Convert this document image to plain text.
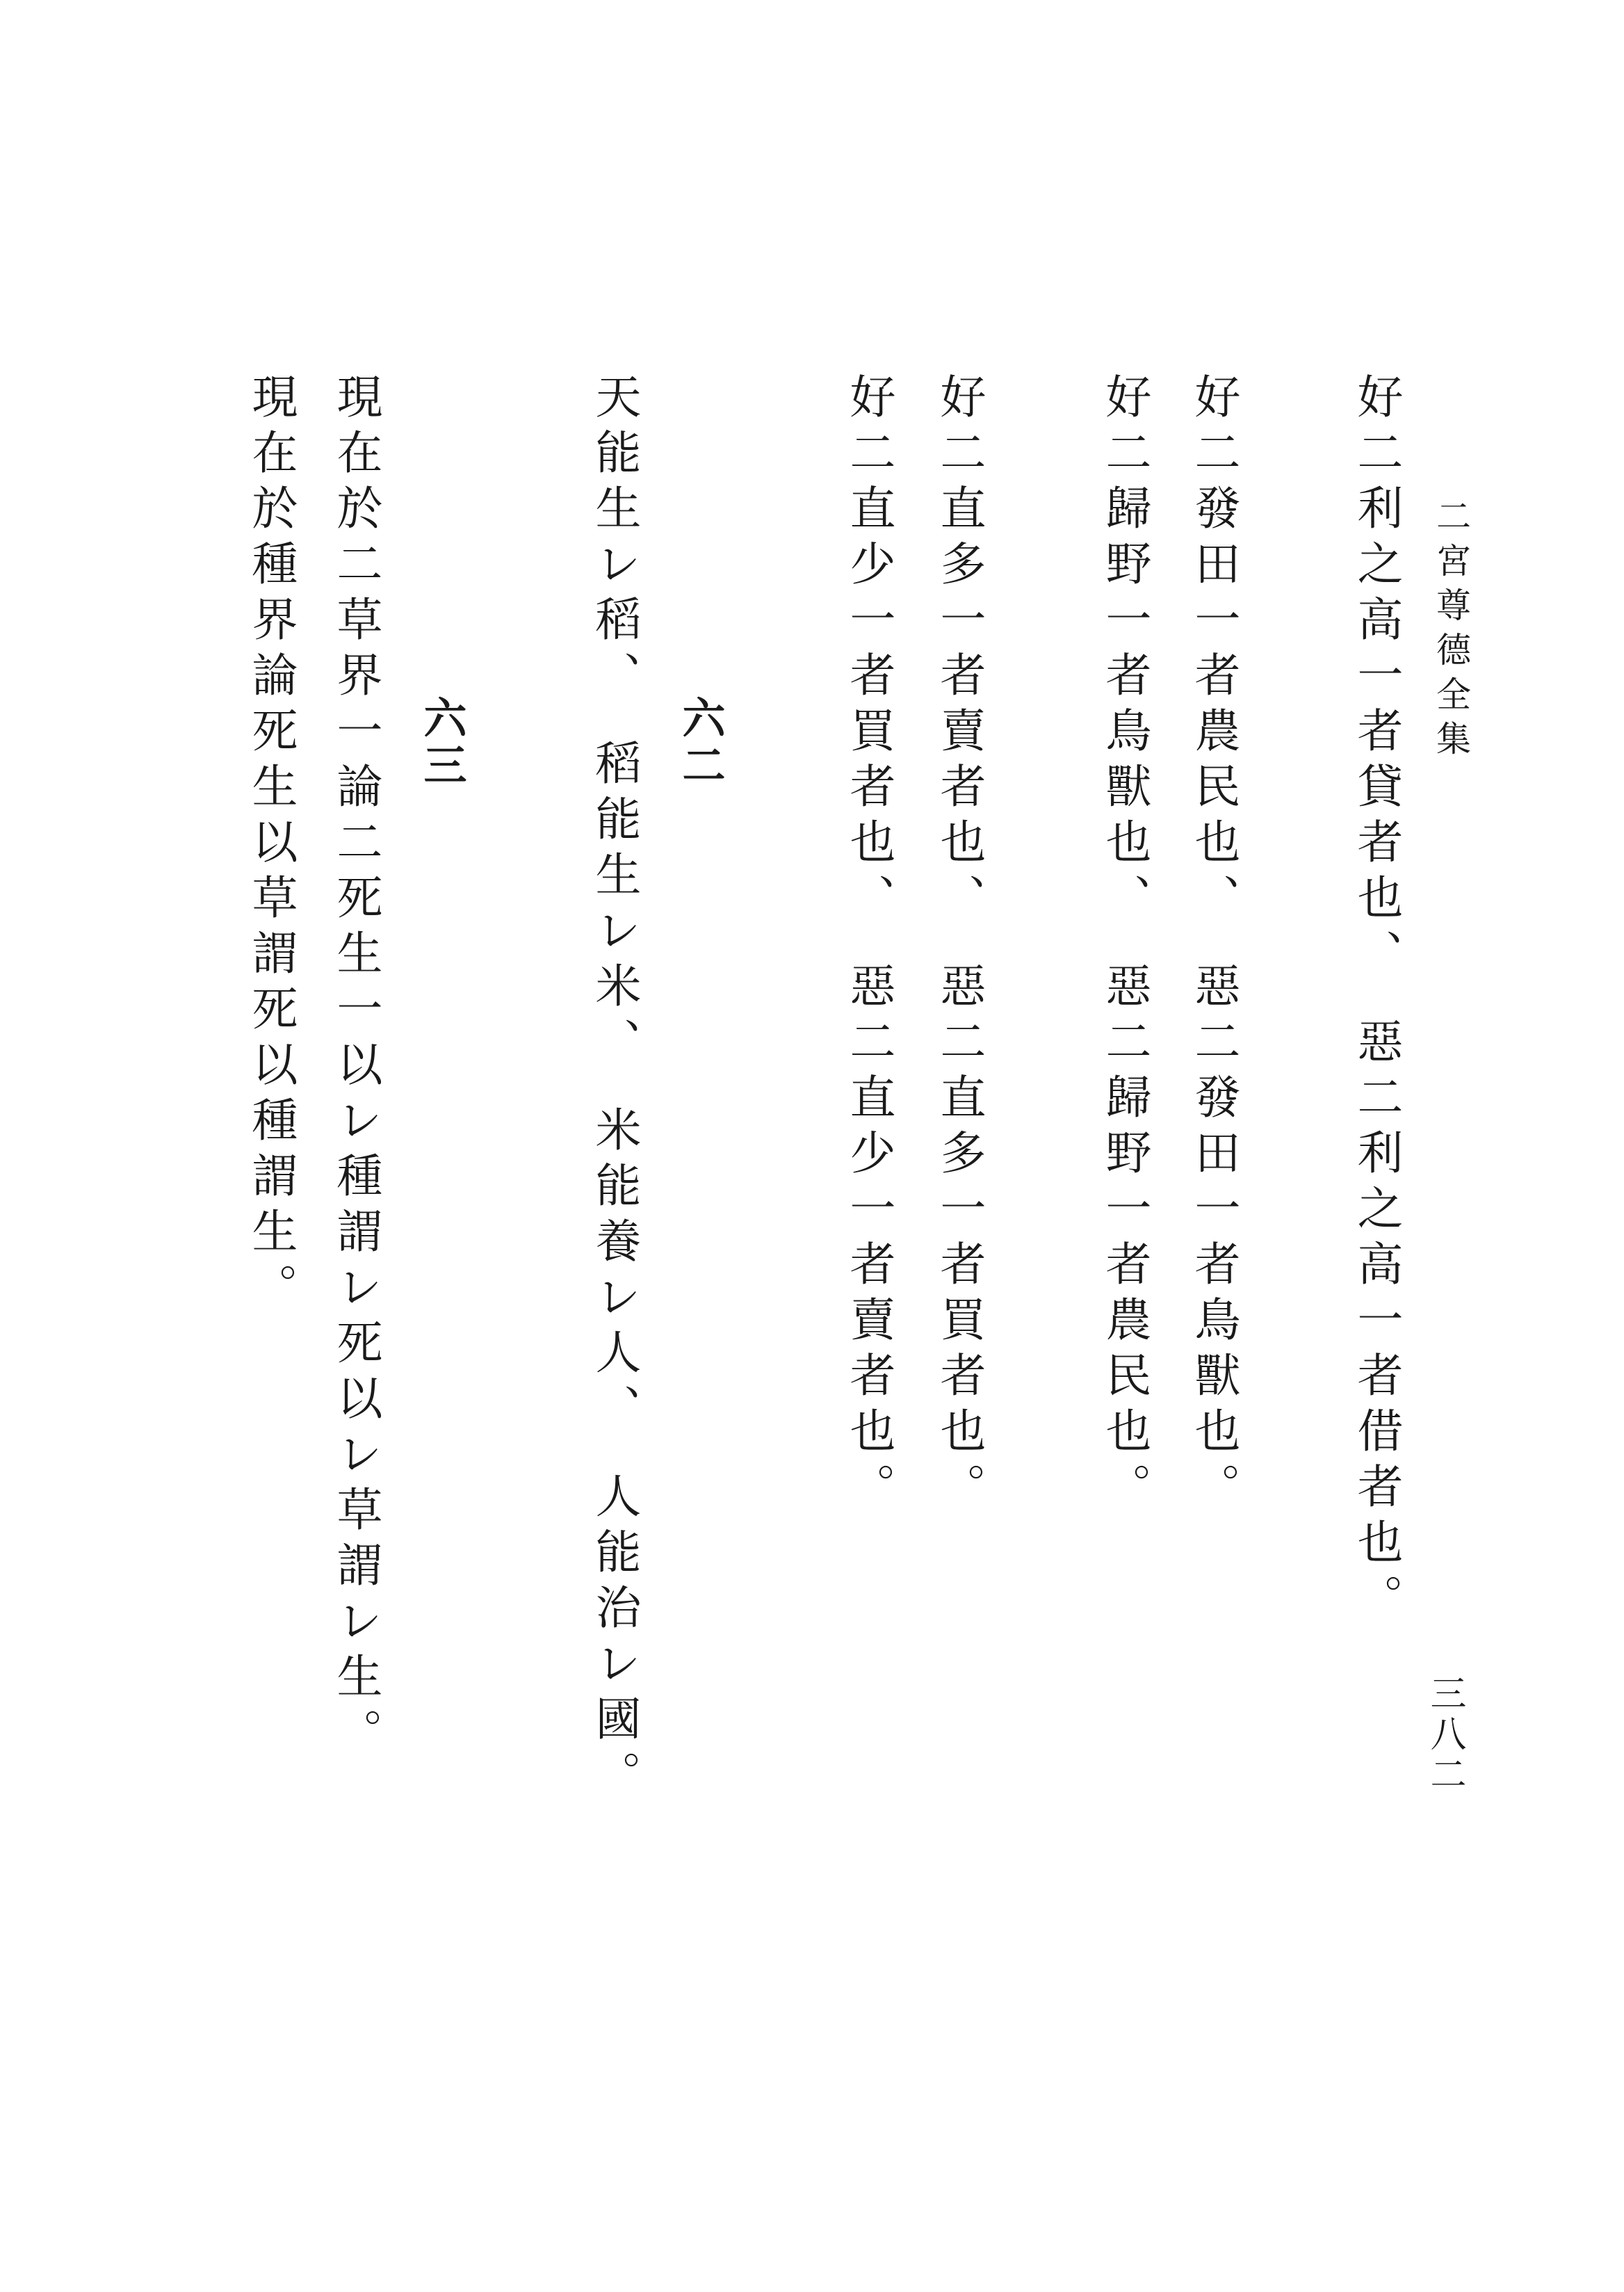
二宮尊德全集
三八二
好二利之高一者貸者也、　惡二利之高一者借者也。
好二發田一者農民也、　惡二發田一者鳥獸也。
好二歸野一者鳥獸也、　惡二歸野一者農民也。
好二直多一者賣者也、　惡二直多一者買者也。
好二直少一者買者也、　惡二直少一者賣者也。
六二
天能生レ稻、　稻能生レ米、　米能養レ人、　人能治レ國。
六三
現在於二草界一論二死生一以レ種謂レ死以レ草謂レ生。
現在於種界論死生以草謂死以種謂生。
